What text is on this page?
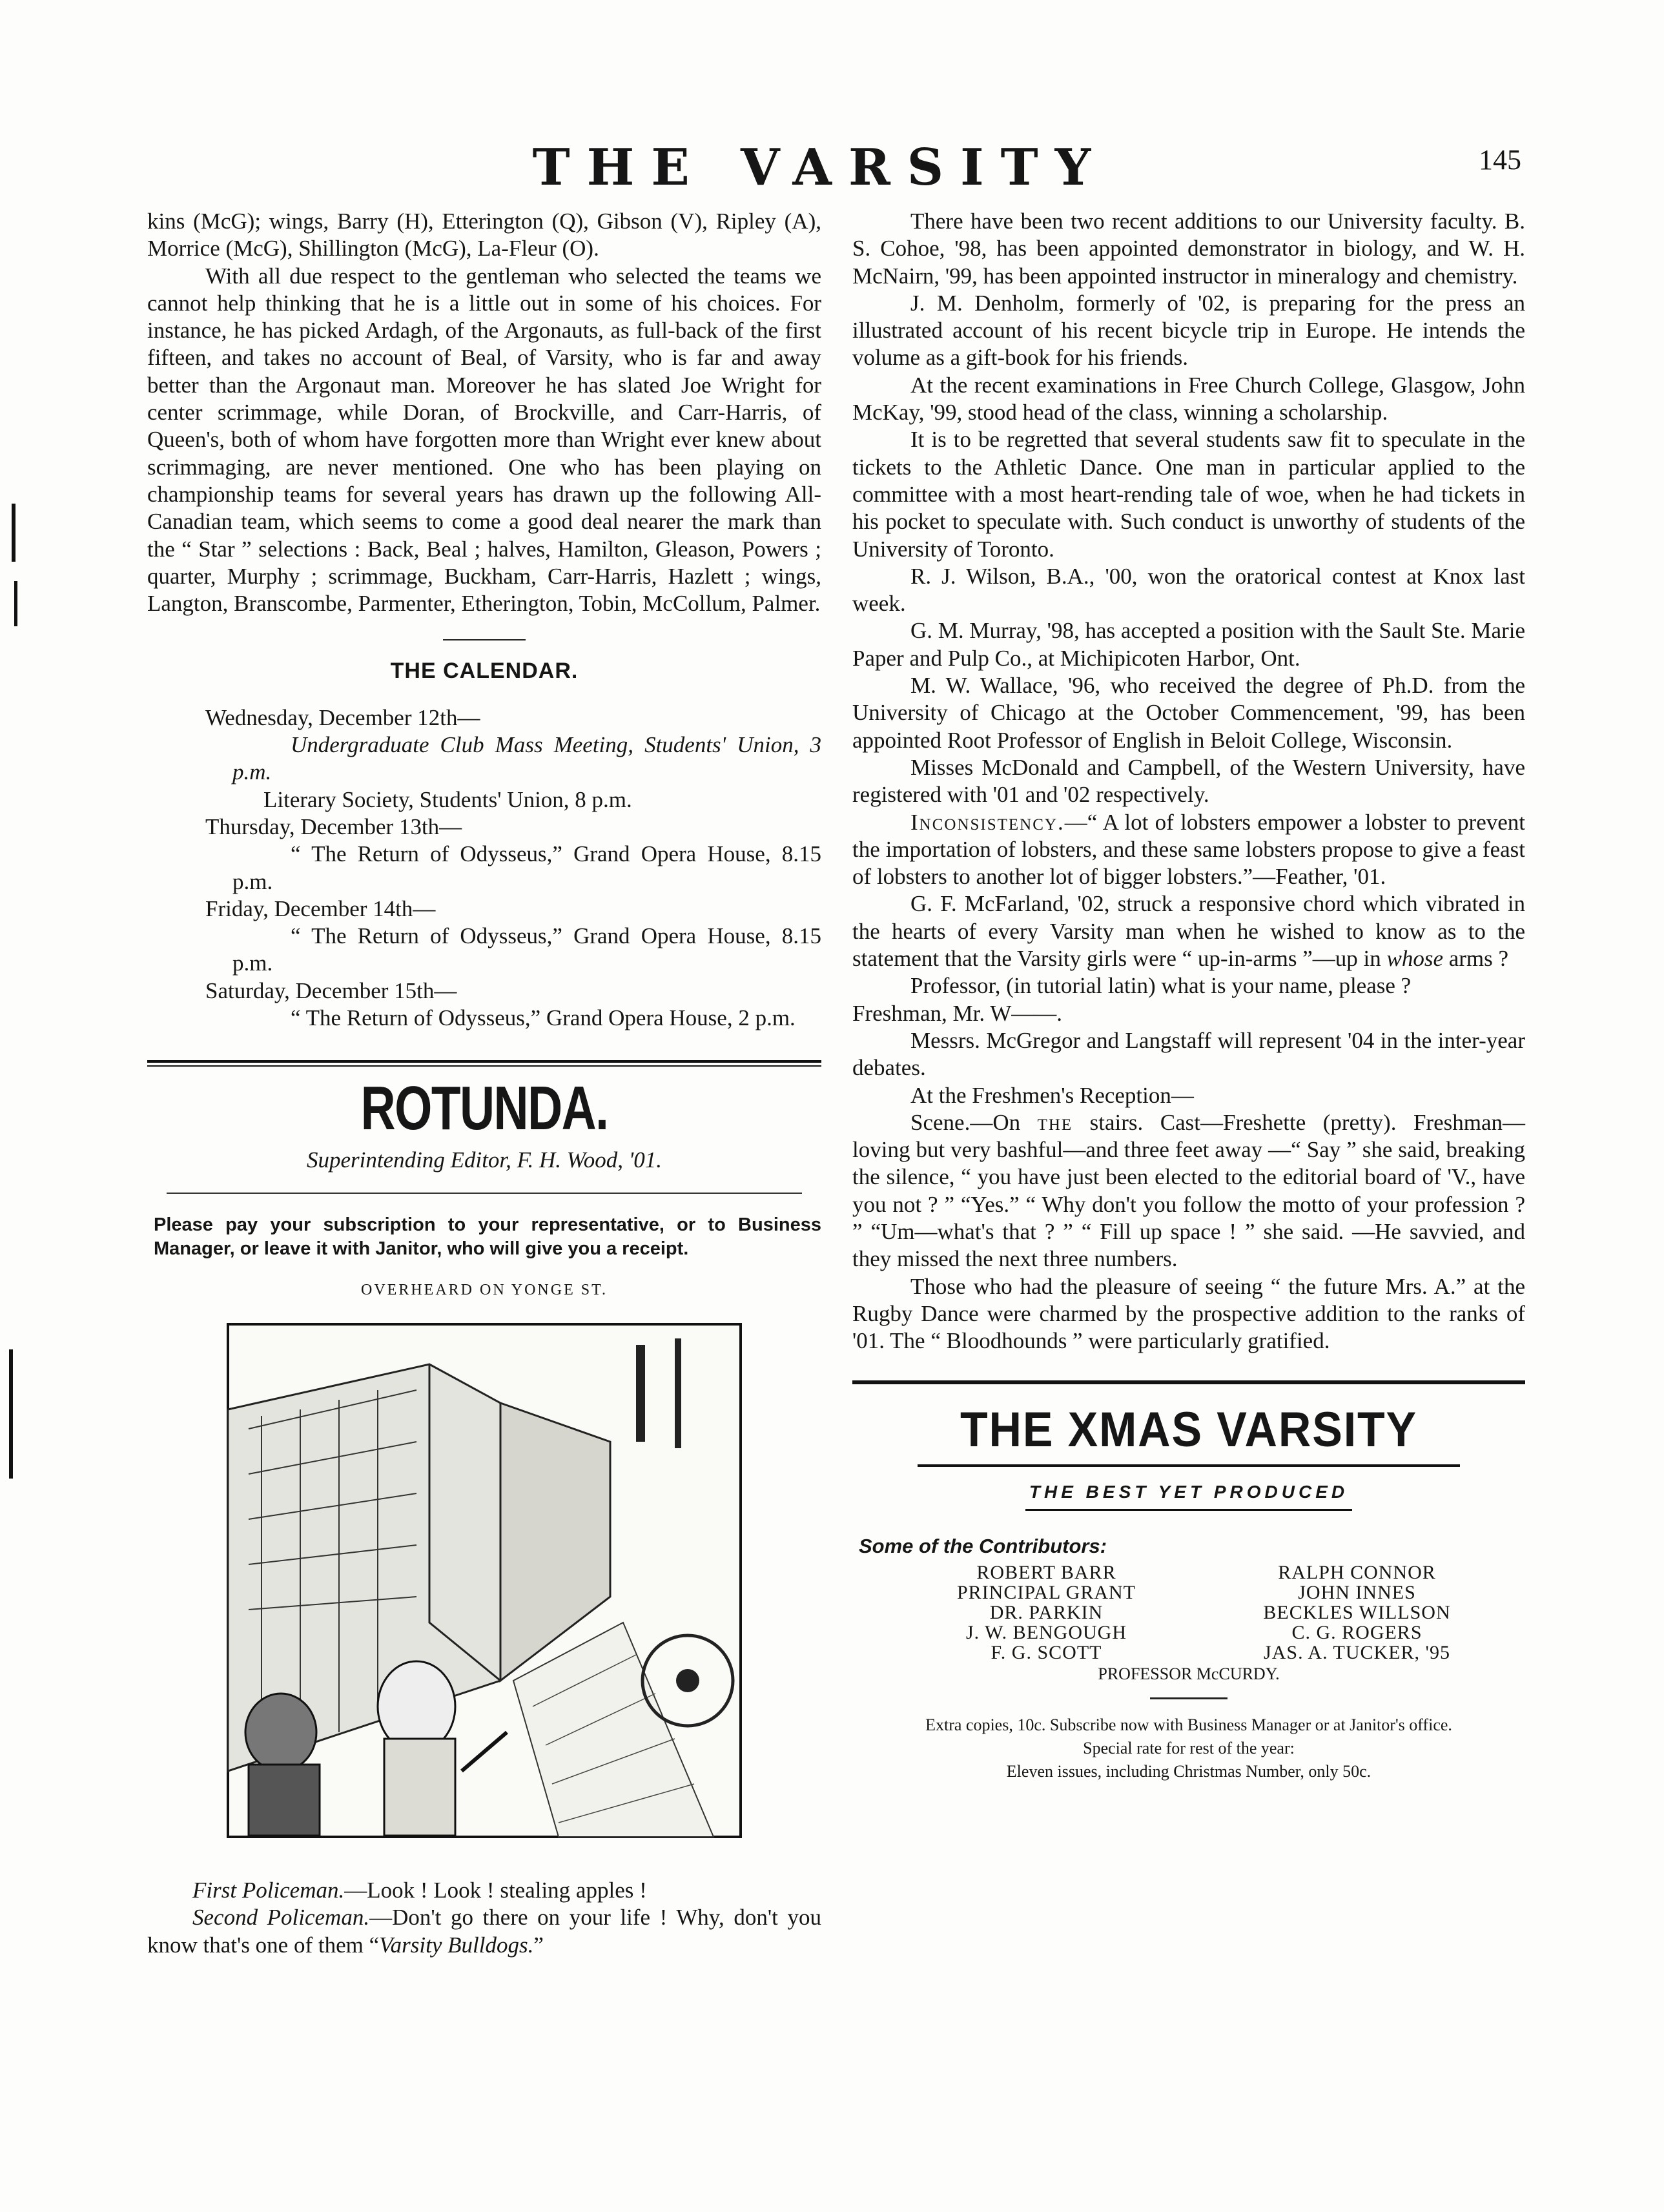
THE VARSITY	145

kins (McG); wings, Barry (H), Etterington (Q), Gibson (V), Ripley (A), Morrice (McG), Shillington (McG), La-Fleur (O).

With all due respect to the gentleman who selected the teams we cannot help thinking that he is a little out in some of his choices. For instance, he has picked Ardagh, of the Argonauts, as full-back of the first fifteen, and takes no account of Beal, of Varsity, who is far and away better than the Argonaut man. Moreover he has slated Joe Wright for center scrimmage, while Doran, of Brockville, and Carr-Harris, of Queen's, both of whom have forgotten more than Wright ever knew about scrimmaging, are never mentioned. One who has been playing on championship teams for several years has drawn up the following All-Canadian team, which seems to come a good deal nearer the mark than the “ Star ” selections : Back, Beal ; halves, Hamilton, Gleason, Powers ; quarter, Murphy ; scrimmage, Buckham, Carr-Harris, Hazlett ; wings, Langton, Branscombe, Parmenter, Etherington, Tobin, McCollum, Palmer.

THE CALENDAR.

Wednesday, December 12th—

Undergraduate Club Mass Meeting, Students' Union, 3 p.m.

Literary Society, Students' Union, 8 p.m.

Thursday, December 13th—

“ The Return of Odysseus,” Grand Opera House, 8.15 p.m.

Friday, December 14th—

“ The Return of Odysseus,” Grand Opera House, 8.15 p.m.

Saturday, December 15th—

“ The Return of Odysseus,” Grand Opera House, 2 p.m.

ROTUNDA.
Superintending Editor, F. H. Wood, '01.
Please pay your subscription to your representative, or to Business Manager, or leave it with Janitor, who will give you a receipt.
OVERHEARD ON YONGE ST.

First Policeman.—Look ! Look ! stealing apples !

Second Policeman.—Don't go there on your life ! Why, don't you know that's one of them “Varsity Bulldogs.”

There have been two recent additions to our University faculty. B. S. Cohoe, '98, has been appointed demonstrator in biology, and W. H. McNairn, '99, has been appointed instructor in mineralogy and chemistry.

J. M. Denholm, formerly of '02, is preparing for the press an illustrated account of his recent bicycle trip in Europe. He intends the volume as a gift-book for his friends.

At the recent examinations in Free Church College, Glasgow, John McKay, '99, stood head of the class, winning a scholarship.

It is to be regretted that several students saw fit to speculate in the tickets to the Athletic Dance. One man in particular applied to the committee with a most heart-rending tale of woe, when he had tickets in his pocket to speculate with. Such conduct is unworthy of students of the University of Toronto.

R. J. Wilson, B.A., '00, won the oratorical contest at Knox last week.

G. M. Murray, '98, has accepted a position with the Sault Ste. Marie Paper and Pulp Co., at Michipicoten Harbor, Ont.

M. W. Wallace, '96, who received the degree of Ph.D. from the University of Chicago at the October Commencement, '99, has been appointed Root Professor of English in Beloit College, Wisconsin.

Misses McDonald and Campbell, of the Western University, have registered with '01 and '02 respectively.

Inconsistency.—“ A lot of lobsters empower a lobster to prevent the importation of lobsters, and these same lobsters propose to give a feast of lobsters to another lot of bigger lobsters.”—Feather, '01.

G. F. McFarland, '02, struck a responsive chord which vibrated in the hearts of every Varsity man when he wished to know as to the statement that the Varsity girls were “ up-in-arms ”—up in whose arms ?

Professor, (in tutorial latin) what is your name, please ?

Freshman, Mr. W——.

Messrs. McGregor and Langstaff will represent '04 in the inter-year debates.

At the Freshmen's Reception—

Scene.—On the stairs. Cast—Freshette (pretty). Freshman—loving but very bashful—and three feet away —“ Say ” she said, breaking the silence, “ you have just been elected to the editorial board of 'V., have you not ? ” “Yes.” “ Why don't you follow the motto of your profession ? ” “Um—what's that ? ” “ Fill up space ! ” she said. —He savvied, and they missed the next three numbers.

Those who had the pleasure of seeing “ the future Mrs. A.” at the Rugby Dance were charmed by the prospective addition to the ranks of '01. The “ Bloodhounds ” were particularly gratified.

THE XMAS VARSITY
THE BEST YET PRODUCED
Some of the Contributors:
ROBERT BARR	RALPH CONNOR
PRINCIPAL GRANT	JOHN INNES
DR. PARKIN	BECKLES WILLSON
J. W. BENGOUGH	C. G. ROGERS
F. G. SCOTT	JAS. A. TUCKER, '95
PROFESSOR McCURDY.
Extra copies, 10c. Subscribe now with Business Manager or at Janitor's office.
Special rate for rest of the year:
Eleven issues, including Christmas Number, only 50c.
